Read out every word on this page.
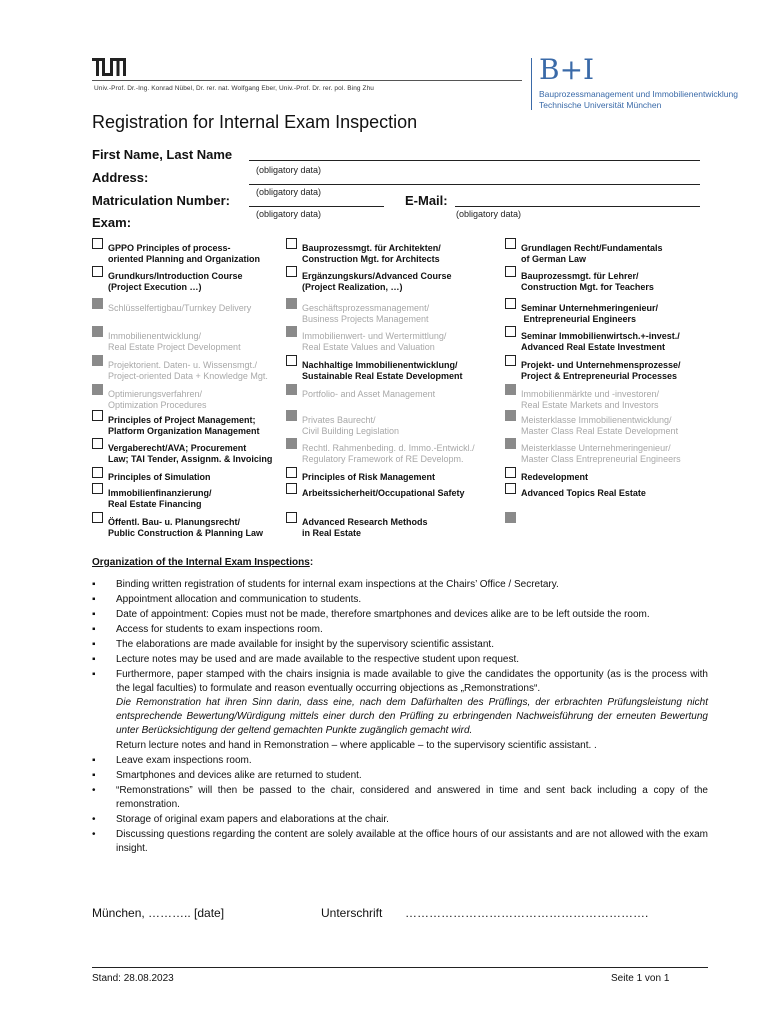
Univ.-Prof. Dr.-Ing. Konrad Nübel, Dr. rer. nat. Wolfgang Eber, Univ.-Prof. Dr. rer. pol. Bing Zhu
B+I
Bauprozessmanagement und Immobilienentwicklung
Technische Universität München
Registration for Internal Exam Inspection
First Name, Last Name
(obligatory data)
Address:
(obligatory data)
Matriculation Number:
(obligatory data)
E-Mail:
(obligatory data)
Exam:
GPPO Principles of process-
oriented Planning and Organization
Grundkurs/Introduction Course
(Project Execution …)
Schlüsselfertigbau/Turnkey Delivery
Immobilienentwicklung/
Real Estate Project Development
Projektorient. Daten- u. Wissensmgt./
Project-oriented Data + Knowledge Mgt.
Optimierungsverfahren/
Optimization Procedures
Principles of Project Management;
Platform Organization Management
Vergaberecht/AVA; Procurement
Law; TAI Tender, Assignm. & Invoicing
Principles of Simulation
Immobilienfinanzierung/
Real Estate Financing
Öffentl. Bau- u. Planungsrecht/
Public Construction & Planning Law
Bauprozessmgt. für Architekten/
Construction Mgt. for Architects
Ergänzungskurs/Advanced Course
(Project Realization, …)
Geschäftsprozessmanagement/
Business Projects Management
Immobilienwert- und Wertermittlung/
Real Estate Values and Valuation
Nachhaltige Immobilienentwicklung/
Sustainable Real Estate Development
Portfolio- and Asset Management
Privates Baurecht/
Civil Building Legislation
Rechtl. Rahmenbeding. d. Immo.-Entwickl./
Regulatory Framework of RE Developm.
Principles of Risk Management
Arbeitssicherheit/Occupational Safety
Advanced Research Methods
in Real Estate
Grundlagen Recht/Fundamentals
of German Law
Bauprozessmgt. für Lehrer/
Construction Mgt. for Teachers
Seminar Unternehmeringenieur/
Entrepreneurial Engineers
Seminar Immobilienwirtsch.+-invest./
Advanced Real Estate Investment
Projekt- und Unternehmensprozesse/
Project & Entrepreneurial Processes
Immobilienmärkte und -investoren/
Real Estate Markets and Investors
Meisterklasse Immobilienentwicklung/
Master Class Real Estate Development
Meisterklasse Unternehmeringenieur/
Master Class Entrepreneurial Engineers
Redevelopment
Advanced Topics Real Estate
Organization of the Internal Exam Inspections:
▪ Binding written registration of students for internal exam inspections at the Chairs’ Office / Secretary.
▪ Appointment allocation and communication to students.
▪ Date of appointment: Copies must not be made, therefore smartphones and devices alike are to be left outside the room.
▪ Access for students to exam inspections room.
▪ The elaborations are made available for insight by the supervisory scientific assistant.
▪ Lecture notes may be used and are made available to the respective student upon request.
▪ Furthermore, paper stamped with the chairs insignia is made available to give the candidates the opportunity (as is the process with the legal faculties) to formulate and reason eventually occurring objections as „Remonstrations“.
Die Remonstration hat ihren Sinn darin, dass eine, nach dem Dafürhalten des Prüflings, der erbrachten Prüfungsleistung nicht entsprechende Bewertung/Würdigung mittels einer durch den Prüfling zu erbringenden Nachweisführung der erneuten Bewertung unter Berücksichtigung der geltend gemachten Punkte zugänglich gemacht wird.
Return lecture notes and hand in Remonstration – where applicable – to the supervisory scientific assistant. .
▪ Leave exam inspections room.
▪ Smartphones and devices alike are returned to student.
• “Remonstrations” will then be passed to the chair, considered and answered in time and sent back including a copy of the remonstration.
• Storage of original exam papers and elaborations at the chair.
• Discussing questions regarding the content are solely available at the office hours of our assistants and are not allowed with the exam insight.
München, ……….. [date]	Unterschrift …………………………………………………….
Stand: 28.08.2023	Seite 1 von 1
